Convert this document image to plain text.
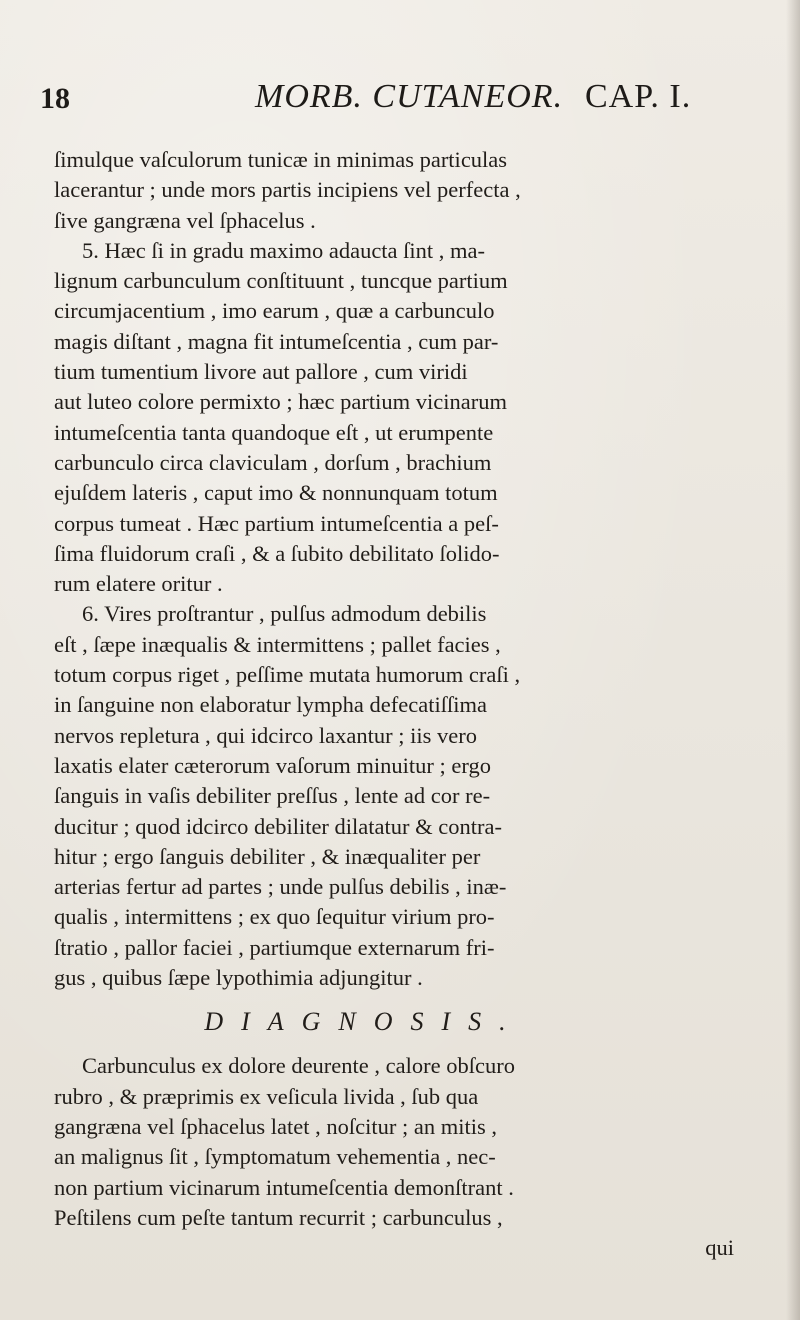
18	MORB. CUTANEOR. CAP. I.
ſimulque vaſculorum tunicæ in minimas particulas
lacerantur ; unde mors partis incipiens vel perfecta ,
ſive gangræna vel ſphacelus .
5. Hæc ſi in gradu maximo adaucta ſint , ma-
lignum carbunculum conſtituunt , tuncque partium
circumjacentium , imo earum , quæ a carbunculo
magis diſtant , magna fit intumeſcentia , cum par-
tium tumentium livore aut pallore , cum viridi
aut luteo colore permixto ; hæc partium vicinarum
intumeſcentia tanta quandoque eſt , ut erumpente
carbunculo circa claviculam , dorſum , brachium
ejuſdem lateris , caput imo & nonnunquam totum
corpus tumeat . Hæc partium intumeſcentia a peſ-
ſima fluidorum craſi , & a ſubito debilitato ſolido-
rum elatere oritur .
6. Vires proſtrantur , pulſus admodum debilis
eſt , ſæpe inæqualis & intermittens ; pallet facies ,
totum corpus riget , peſſime mutata humorum craſi ,
in ſanguine non elaboratur lympha defecatiſſima
nervos repletura , qui idcirco laxantur ; iis vero
laxatis elater cæterorum vaſorum minuitur ; ergo
ſanguis in vaſis debiliter preſſus , lente ad cor re-
ducitur ; quod idcirco debiliter dilatatur & contra-
hitur ; ergo ſanguis debiliter , & inæqualiter per
arterias fertur ad partes ; unde pulſus debilis , inæ-
qualis , intermittens ; ex quo ſequitur virium pro-
ſtratio , pallor faciei , partiumque externarum fri-
gus , quibus ſæpe lypothimia adjungitur .
DIAGNOSIS.
Carbunculus ex dolore deurente , calore obſcuro
rubro , & præprimis ex veſicula livida , ſub qua
gangræna vel ſphacelus latet , noſcitur ; an mitis ,
an malignus ſit , ſymptomatum vehementia , nec-
non partium vicinarum intumeſcentia demonſtrant .
Peſtilens cum peſte tantum recurrit ; carbunculus ,
qui
